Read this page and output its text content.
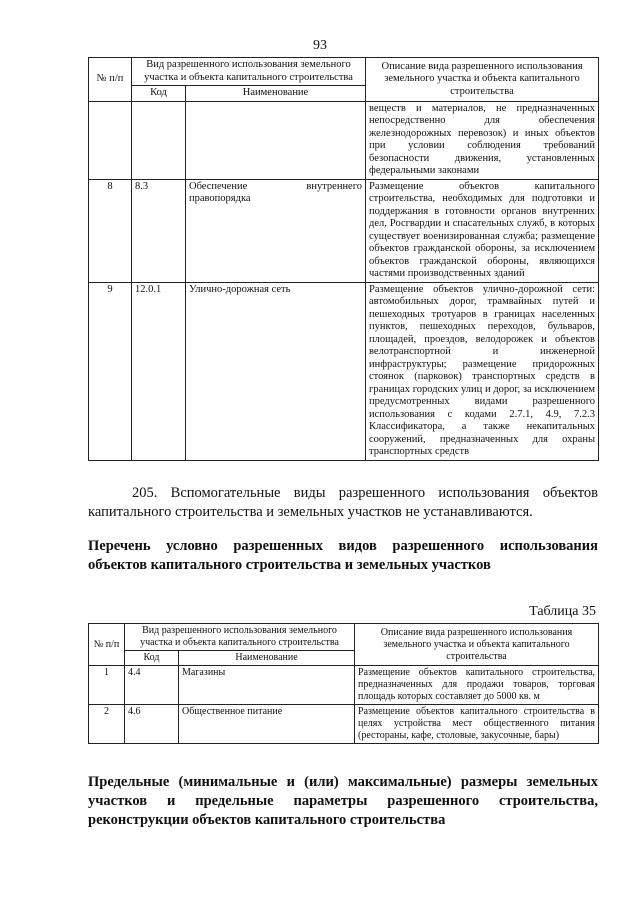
93
№ п/п	Вид разрешенного использования земельного участка и объекта капитального строительства		Описание вида разрешенного использования земельного участка и объекта капитального строительства
	Код	Наименование	
			веществ и материалов, не предназначенных непосредственно для обеспечения железнодорожных перевозок) и иных объектов при условии соблюдения требований безопасности движения, установленных федеральными законами
8	8.3	Обеспечение внутреннего правопорядка	Размещение объектов капитального строительства, необходимых для подготовки и поддержания в готовности органов внутренних дел, Росгвардии и спасательных служб, в которых существует военизированная служба; размещение объектов гражданской обороны, за исключением объектов гражданской обороны, являющихся частями производственных зданий
9	12.0.1	Улично-дорожная сеть	Размещение объектов улично-дорожной сети: автомобильных дорог, трамвайных путей и пешеходных тротуаров в границах населенных пунктов, пешеходных переходов, бульваров, площадей, проездов, велодорожек и объектов велотранспортной и инженерной инфраструктуры; размещение придорожных стоянок (парковок) транспортных средств в границах городских улиц и дорог, за исключением предусмотренных видами разрешенного использования с кодами 2.7.1, 4.9, 7.2.3 Классификатора, а также некапитальных сооружений, предназначенных для охраны транспортных средств
205. Вспомогательные виды разрешенного использования объектов капитального строительства и земельных участков не устанавливаются.
Перечень условно разрешенных видов разрешенного использования объектов капитального строительства и земельных участков
Таблица 35
№ п/п	Вид разрешенного использования земельного участка и объекта капитального строительства		Описание вида разрешенного использования земельного участка и объекта капитального строительства
	Код	Наименование	
1	4.4	Магазины	Размещение объектов капитального строительства, предназначенных для продажи товаров, торговая площадь которых составляет до 5000 кв. м
2	4.6	Общественное питание	Размещение объектов капитального строительства в целях устройства мест общественного питания (рестораны, кафе, столовые, закусочные, бары)
Предельные (минимальные и (или) максимальные) размеры земельных участков и предельные параметры разрешенного строительства, реконструкции объектов капитального строительства
